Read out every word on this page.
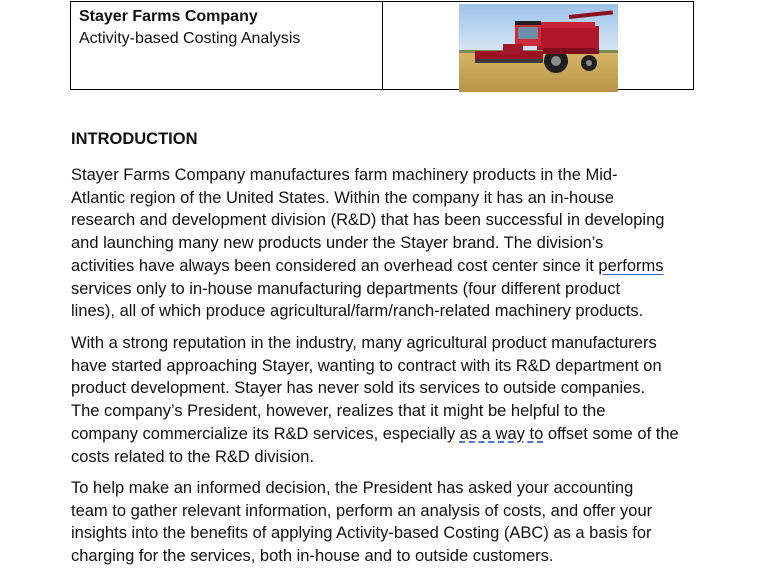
Stayer Farms Company
Activity-based Costing Analysis
INTRODUCTION
Stayer Farms Company manufactures farm machinery products in the Mid-
Atlantic region of the United States. Within the company it has an in-house
research and development division (R&D) that has been successful in developing
and launching many new products under the Stayer brand. The division’s
activities have always been considered an overhead cost center since it performs
services only to in-house manufacturing departments (four different product
lines), all of which produce agricultural/farm/ranch-related machinery products.
With a strong reputation in the industry, many agricultural product manufacturers
have started approaching Stayer, wanting to contract with its R&D department on
product development. Stayer has never sold its services to outside companies.
The company’s President, however, realizes that it might be helpful to the
company commercialize its R&D services, especially as a way to offset some of the
costs related to the R&D division.
To help make an informed decision, the President has asked your accounting
team to gather relevant information, perform an analysis of costs, and offer your
insights into the benefits of applying Activity-based Costing (ABC) as a basis for
charging for the services, both in-house and to outside customers.
